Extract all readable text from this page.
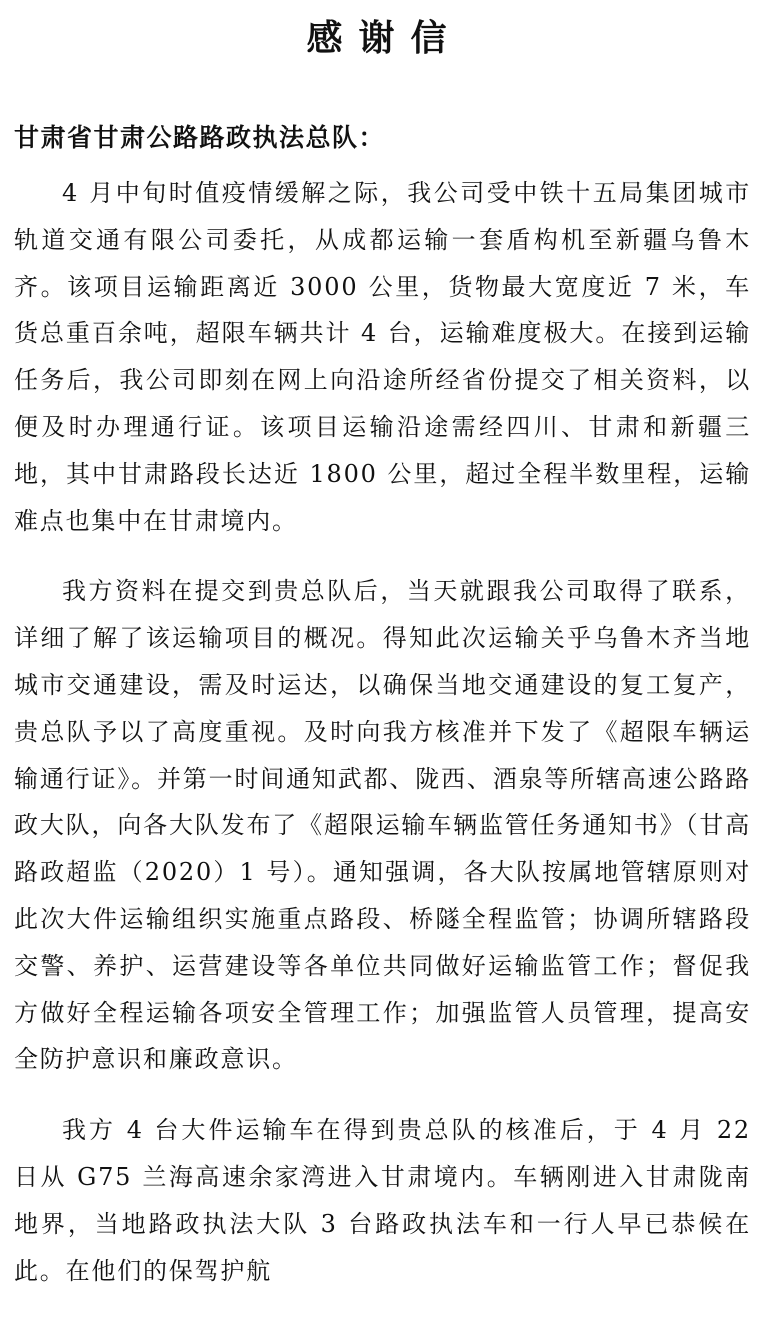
感谢信

甘肃省甘肃公路路政执法总队：

4 月中旬时值疫情缓解之际，我公司受中铁十五局集团城市轨道交通有限公司委托，从成都运输一套盾构机至新疆乌鲁木齐。该项目运输距离近 3000 公里，货物最大宽度近 7 米，车货总重百余吨，超限车辆共计 4 台，运输难度极大。在接到运输任务后，我公司即刻在网上向沿途所经省份提交了相关资料，以便及时办理通行证。该项目运输沿途需经四川、甘肃和新疆三地，其中甘肃路段长达近 1800 公里，超过全程半数里程，运输难点也集中在甘肃境内。

我方资料在提交到贵总队后，当天就跟我公司取得了联系，详细了解了该运输项目的概况。得知此次运输关乎乌鲁木齐当地城市交通建设，需及时运达，以确保当地交通建设的复工复产，贵总队予以了高度重视。及时向我方核准并下发了《超限车辆运输通行证》。并第一时间通知武都、陇西、酒泉等所辖高速公路路政大队，向各大队发布了《超限运输车辆监管任务通知书》（甘高路政超监（2020）1 号）。通知强调，各大队按属地管辖原则对此次大件运输组织实施重点路段、桥隧全程监管；协调所辖路段交警、养护、运营建设等各单位共同做好运输监管工作；督促我方做好全程运输各项安全管理工作；加强监管人员管理，提高安全防护意识和廉政意识。

我方 4 台大件运输车在得到贵总队的核准后，于 4 月 22 日从 G75 兰海高速余家湾进入甘肃境内。车辆刚进入甘肃陇南地界，当地路政执法大队 3 台路政执法车和一行人早已恭候在此。在他们的保驾护航
